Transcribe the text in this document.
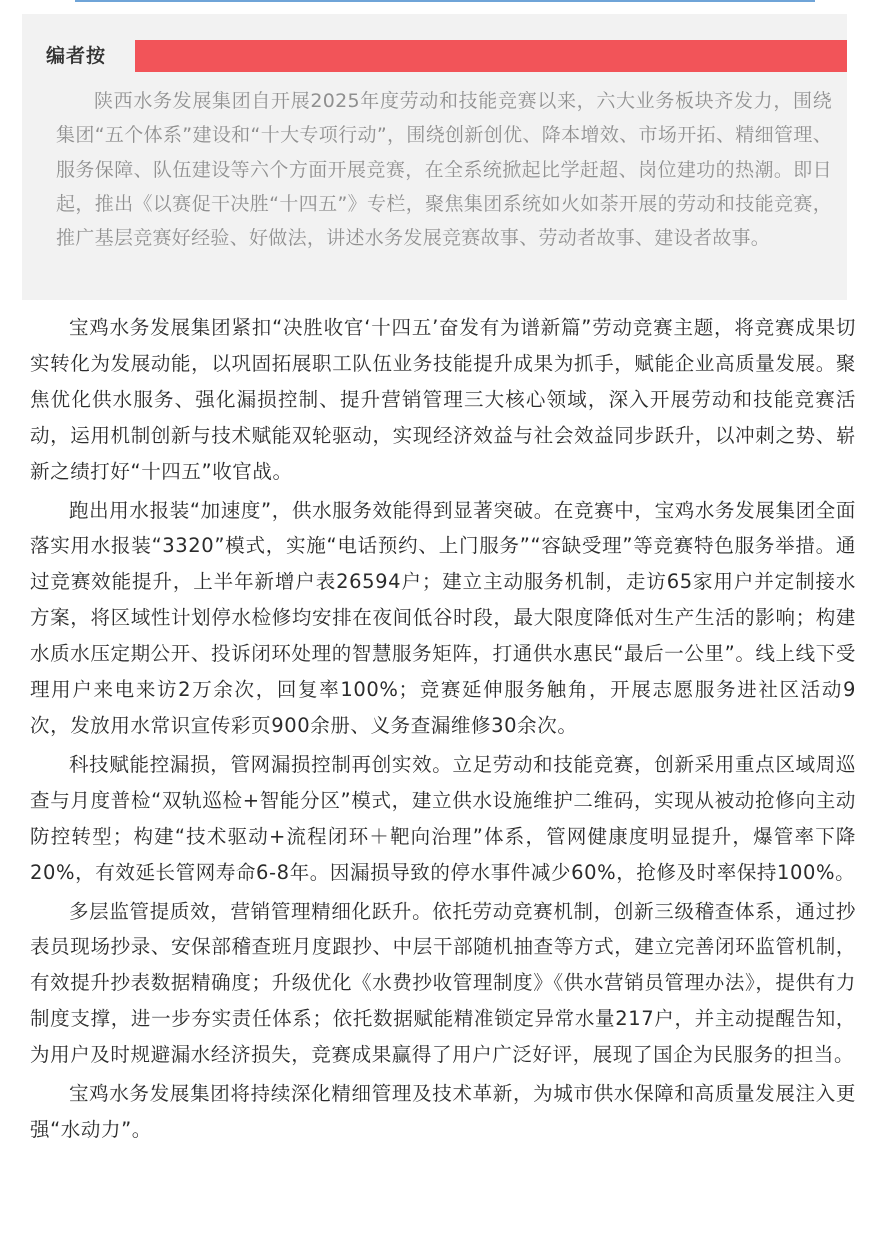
编者按

陕西水务发展集团自开展2025年度劳动和技能竞赛以来，六大业务板块齐发力，围绕集团“五个体系”建设和“十大专项行动”，围绕创新创优、降本增效、市场开拓、精细管理、服务保障、队伍建设等六个方面开展竞赛，在全系统掀起比学赶超、岗位建功的热潮。即日起，推出《以赛促干决胜“十四五”》专栏，聚焦集团系统如火如荼开展的劳动和技能竞赛，推广基层竞赛好经验、好做法，讲述水务发展竞赛故事、劳动者故事、建设者故事。

宝鸡水务发展集团紧扣“决胜收官‘十四五’奋发有为谱新篇”劳动竞赛主题，将竞赛成果切实转化为发展动能，以巩固拓展职工队伍业务技能提升成果为抓手，赋能企业高质量发展。聚焦优化供水服务、强化漏损控制、提升营销管理三大核心领域，深入开展劳动和技能竞赛活动，运用机制创新与技术赋能双轮驱动，实现经济效益与社会效益同步跃升，以冲刺之势、崭新之绩打好“十四五”收官战。

跑出用水报装“加速度”，供水服务效能得到显著突破。在竞赛中，宝鸡水务发展集团全面落实用水报装“3320”模式，实施“电话预约、上门服务”“容缺受理”等竞赛特色服务举措。通过竞赛效能提升，上半年新增户表26594户；建立主动服务机制，走访65家用户并定制接水方案，将区域性计划停水检修均安排在夜间低谷时段，最大限度降低对生产生活的影响；构建水质水压定期公开、投诉闭环处理的智慧服务矩阵，打通供水惠民“最后一公里”。线上线下受理用户来电来访2万余次，回复率100%；竞赛延伸服务触角，开展志愿服务进社区活动9次，发放用水常识宣传彩页900余册、义务查漏维修30余次。

科技赋能控漏损，管网漏损控制再创实效。立足劳动和技能竞赛，创新采用重点区域周巡查与月度普检“双轨巡检+智能分区”模式，建立供水设施维护二维码，实现从被动抢修向主动防控转型；构建“技术驱动+流程闭环＋靶向治理”体系，管网健康度明显提升，爆管率下降20%，有效延长管网寿命6-8年。因漏损导致的停水事件减少60%，抢修及时率保持100%。

多层监管提质效，营销管理精细化跃升。依托劳动竞赛机制，创新三级稽查体系，通过抄表员现场抄录、安保部稽查班月度跟抄、中层干部随机抽查等方式，建立完善闭环监管机制，有效提升抄表数据精确度；升级优化《水费抄收管理制度》《供水营销员管理办法》，提供有力制度支撑，进一步夯实责任体系；依托数据赋能精准锁定异常水量217户，并主动提醒告知，为用户及时规避漏水经济损失，竞赛成果赢得了用户广泛好评，展现了国企为民服务的担当。

宝鸡水务发展集团将持续深化精细管理及技术革新，为城市供水保障和高质量发展注入更强“水动力”。
